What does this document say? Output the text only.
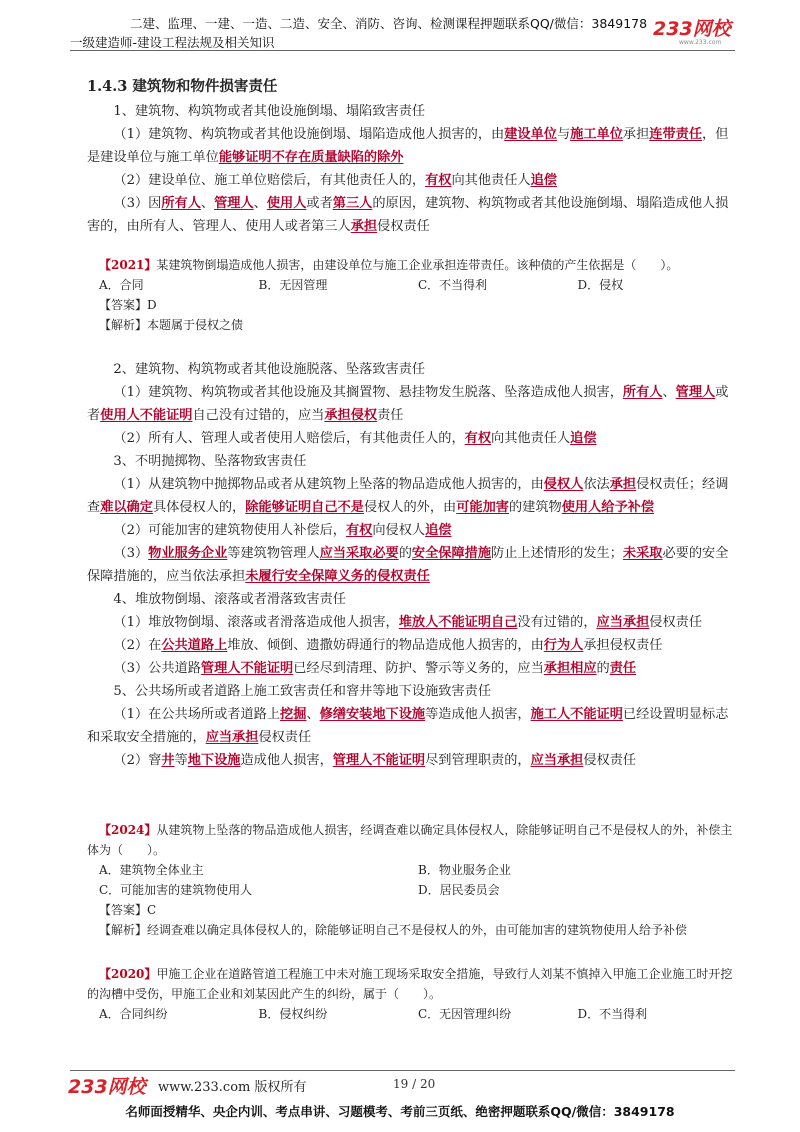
二建、监理、一建、一造、二造、安全、消防、咨询、检测课程押题联系QQ/微信：3849178
一级建造师-建设工程法规及相关知识
233网校
www.233.com
1.4.3 建筑物和物件损害责任

1、建筑物、构筑物或者其他设施倒塌、塌陷致害责任

（1）建筑物、构筑物或者其他设施倒塌、塌陷造成他人损害的，由建设单位与施工单位承担连带责任，但是建设单位与施工单位能够证明不存在质量缺陷的除外

（2）建设单位、施工单位赔偿后，有其他责任人的，有权向其他责任人追偿

（3）因所有人、管理人、使用人或者第三人的原因，建筑物、构筑物或者其他设施倒塌、塌陷造成他人损害的，由所有人、管理人、使用人或者第三人承担侵权责任

【2021】某建筑物倒塌造成他人损害，由建设单位与施工企业承担连带责任。该种债的产生依据是（　　）。

A．合同	B．无因管理	C．不当得利	D．侵权

【答案】D

【解析】本题属于侵权之债

2、建筑物、构筑物或者其他设施脱落、坠落致害责任

（1）建筑物、构筑物或者其他设施及其搁置物、悬挂物发生脱落、坠落造成他人损害，所有人、管理人或者使用人不能证明自己没有过错的，应当承担侵权责任

（2）所有人、管理人或者使用人赔偿后，有其他责任人的，有权向其他责任人追偿

3、不明抛掷物、坠落物致害责任

（1）从建筑物中抛掷物品或者从建筑物上坠落的物品造成他人损害的，由侵权人依法承担侵权责任；经调查难以确定具体侵权人的，除能够证明自己不是侵权人的外，由可能加害的建筑物使用人给予补偿

（2）可能加害的建筑物使用人补偿后，有权向侵权人追偿

（3）物业服务企业等建筑物管理人应当采取必要的安全保障措施防止上述情形的发生；未采取必要的安全保障措施的，应当依法承担未履行安全保障义务的侵权责任

4、堆放物倒塌、滚落或者滑落致害责任

（1）堆放物倒塌、滚落或者滑落造成他人损害，堆放人不能证明自己没有过错的，应当承担侵权责任

（2）在公共道路上堆放、倾倒、遗撒妨碍通行的物品造成他人损害的，由行为人承担侵权责任

（3）公共道路管理人不能证明已经尽到清理、防护、警示等义务的，应当承担相应的责任

5、公共场所或者道路上施工致害责任和窨井等地下设施致害责任

（1）在公共场所或者道路上挖掘、修缮安装地下设施等造成他人损害，施工人不能证明已经设置明显标志和采取安全措施的，应当承担侵权责任

（2）窨井等地下设施造成他人损害，管理人不能证明尽到管理职责的，应当承担侵权责任

【2024】从建筑物上坠落的物品造成他人损害，经调查难以确定具体侵权人，除能够证明自己不是侵权人的外，补偿主体为（　　）。

A．建筑物全体业主	B．物业服务企业
C．可能加害的建筑物使用人	D．居民委员会

【答案】C

【解析】经调查难以确定具体侵权人的，除能够证明自己不是侵权人的外，由可能加害的建筑物使用人给予补偿

【2020】甲施工企业在道路管道工程施工中未对施工现场采取安全措施，导致行人刘某不慎掉入甲施工企业施工时开挖的沟槽中受伤，甲施工企业和刘某因此产生的纠纷，属于（　　）。

A．合同纠纷	B．侵权纠纷	C．无因管理纠纷	D．不当得利
233网校 www.233.com 版权所有	19 / 20
名师面授精华、央企内训、考点串讲、习题模考、考前三页纸、绝密押题联系QQ/微信：3849178
